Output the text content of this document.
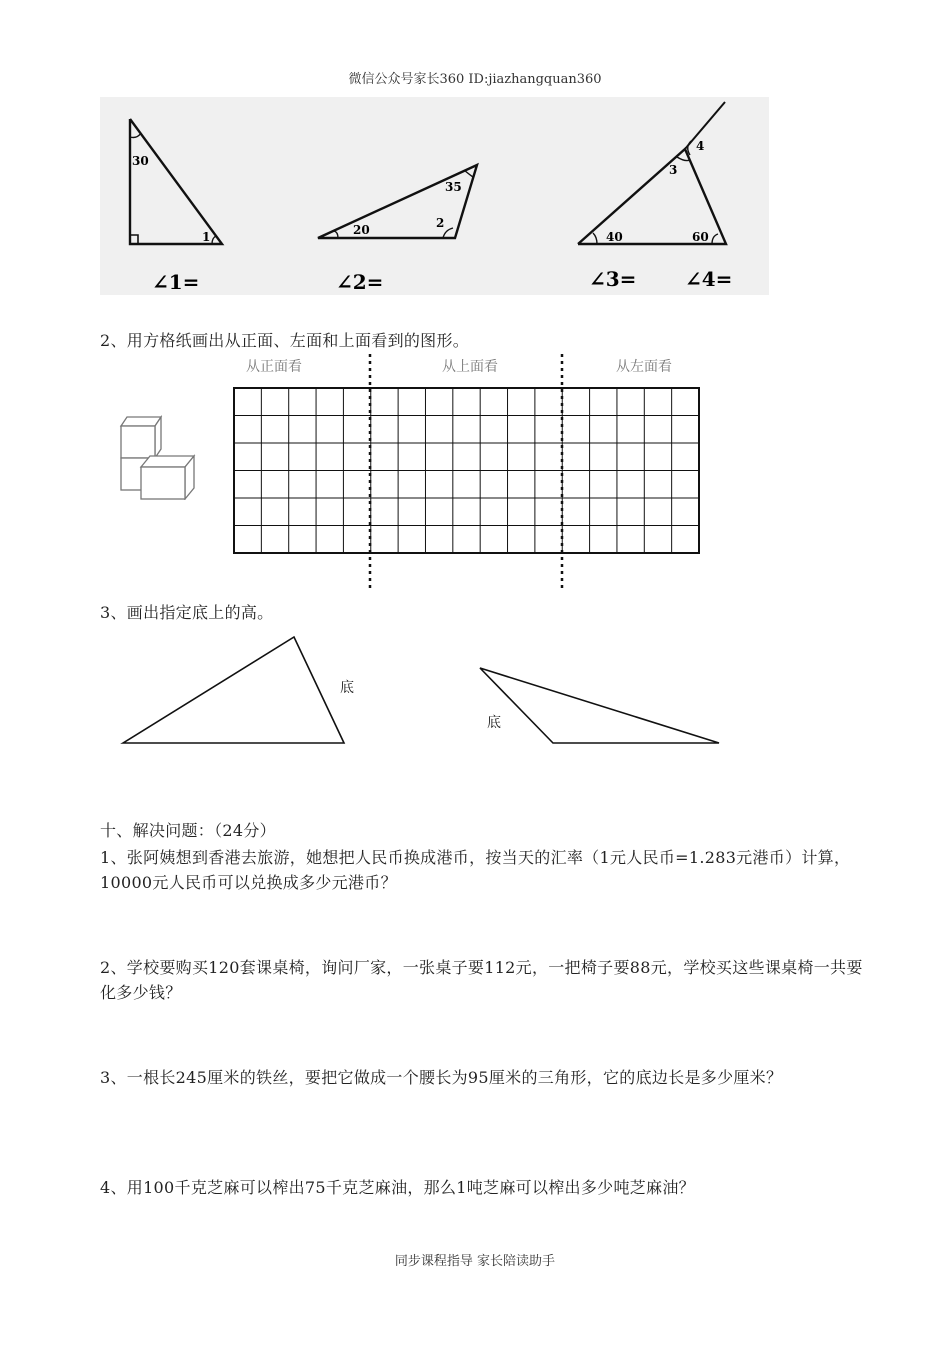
微信公众号家长360 ID:jiazhangquan360
30
1
∠1=
20
35
2
∠2=
40	60
3
4
∠3= ∠4=
2、用方格纸画出从正面、左面和上面看到的图形。
从正面看	从上面看	从左面看
3、画出指定底上的高。
底
底
十、解决问题：（24分）
1、张阿姨想到香港去旅游，她想把人民币换成港币，按当天的汇率（1元人民币=1.283元港币）计算，10000元人民币可以兑换成多少元港币？
2、学校要购买120套课桌椅，询问厂家，一张桌子要112元，一把椅子要88元，学校买这些课桌椅一共要化多少钱？
3、一根长245厘米的铁丝，要把它做成一个腰长为95厘米的三角形，它的底边长是多少厘米？
4、用100千克芝麻可以榨出75千克芝麻油，那么1吨芝麻可以榨出多少吨芝麻油？
同步课程指导 家长陪读助手
